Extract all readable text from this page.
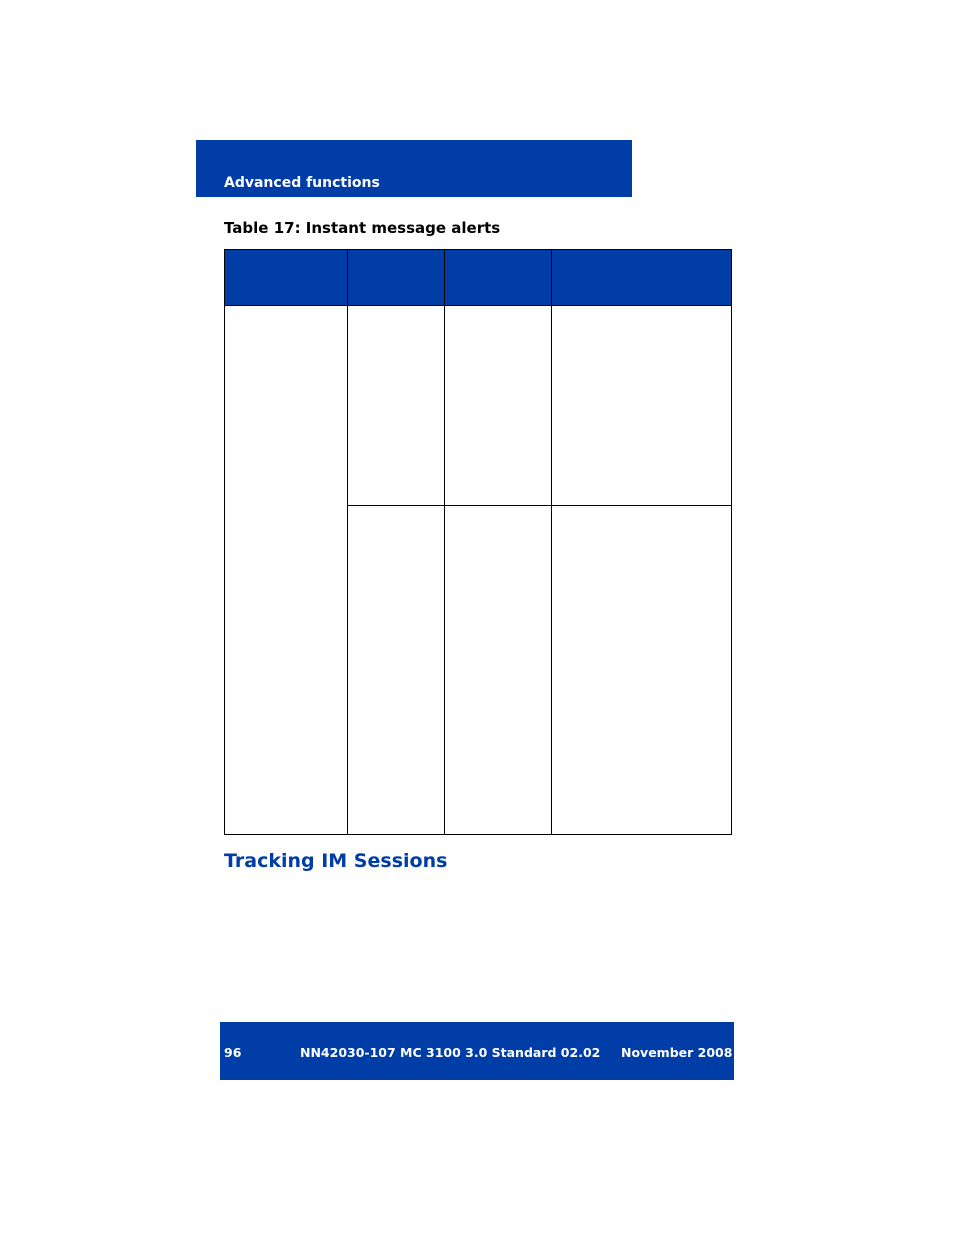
Advanced functions
Table 17: Instant message alerts
Tracking IM Sessions
96	NN42030-107 MC 3100 3.0 Standard 02.02 November 2008
